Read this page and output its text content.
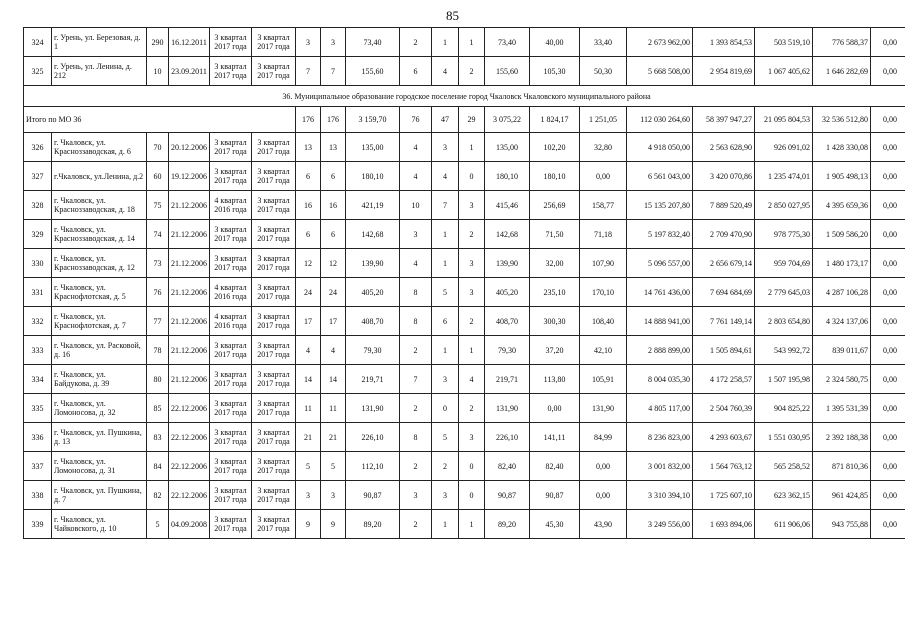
85
324	г. Урень, ул. Березовая, д. 1	290	16.12.2011	3 квартал 2017 года	3 квартал 2017 года	3	3	73,40	2	1	1	73,40	40,00	33,40	2 673 962,00	1 393 854,53	503 519,10	776 588,37	0,00
325	г. Урень, ул. Ленина, д. 212	10	23.09.2011	3 квартал 2017 года	3 квартал 2017 года	7	7	155,60	6	4	2	155,60	105,30	50,30	5 668 508,00	2 954 819,69	1 067 405,62	1 646 282,69	0,00
36. Муниципальное образование городское поселение город Чкаловск Чкаловского муниципального района																			
Итого по МО 36						176	176	3 159,70	76	47	29	3 075,22	1 824,17	1 251,05	112 030 264,60	58 397 947,27	21 095 804,53	32 536 512,80	0,00
326	г. Чкаловск, ул. Красноззаводская, д. 6	70	20.12.2006	3 квартал 2017 года	3 квартал 2017 года	13	13	135,00	4	3	1	135,00	102,20	32,80	4 918 050,00	2 563 628,90	926 091,02	1 428 330,08	0,00
327	г.Чкаловск, ул.Ленина, д.2	60	19.12.2006	3 квартал 2017 года	3 квартал 2017 года	6	6	180,10	4	4	0	180,10	180,10	0,00	6 561 043,00	3 420 070,86	1 235 474,01	1 905 498,13	0,00
328	г. Чкаловск, ул. Красноззаводская, д. 18	75	21.12.2006	4 квартал 2016 года	3 квартал 2017 года	16	16	421,19	10	7	3	415,46	256,69	158,77	15 135 207,80	7 889 520,49	2 850 027,95	4 395 659,36	0,00
329	г. Чкаловск, ул. Красноззаводская, д. 14	74	21.12.2006	3 квартал 2017 года	3 квартал 2017 года	6	6	142,68	3	1	2	142,68	71,50	71,18	5 197 832,40	2 709 470,90	978 775,30	1 509 586,20	0,00
330	г. Чкаловск, ул. Красноззаводская, д. 12	73	21.12.2006	3 квартал 2017 года	3 квартал 2017 года	12	12	139,90	4	1	3	139,90	32,00	107,90	5 096 557,00	2 656 679,14	959 704,69	1 480 173,17	0,00
331	г. Чкаловск, ул. Краснофлотская, д. 5	76	21.12.2006	4 квартал 2016 года	3 квартал 2017 года	24	24	405,20	8	5	3	405,20	235,10	170,10	14 761 436,00	7 694 684,69	2 779 645,03	4 287 106,28	0,00
332	г. Чкаловск, ул. Краснофлотская, д. 7	77	21.12.2006	4 квартал 2016 года	3 квартал 2017 года	17	17	408,70	8	6	2	408,70	300,30	108,40	14 888 941,00	7 761 149,14	2 803 654,80	4 324 137,06	0,00
333	г. Чкаловск, ул. Расковой, д. 16	78	21.12.2006	3 квартал 2017 года	3 квартал 2017 года	4	4	79,30	2	1	1	79,30	37,20	42,10	2 888 899,00	1 505 894,61	543 992,72	839 011,67	0,00
334	г. Чкаловск, ул. Байдукова, д. 39	80	21.12.2006	3 квартал 2017 года	3 квартал 2017 года	14	14	219,71	7	3	4	219,71	113,80	105,91	8 004 035,30	4 172 258,57	1 507 195,98	2 324 580,75	0,00
335	г. Чкаловск, ул. Ломоносова, д. 32	85	22.12.2006	3 квартал 2017 года	3 квартал 2017 года	11	11	131,90	2	0	2	131,90	0,00	131,90	4 805 117,00	2 504 760,39	904 825,22	1 395 531,39	0,00
336	г. Чкаловск, ул. Пушкина, д. 13	83	22.12.2006	3 квартал 2017 года	3 квартал 2017 года	21	21	226,10	8	5	3	226,10	141,11	84,99	8 236 823,00	4 293 603,67	1 551 030,95	2 392 188,38	0,00
337	г. Чкаловск, ул. Ломоносова, д. 31	84	22.12.2006	3 квартал 2017 года	3 квартал 2017 года	5	5	112,10	2	2	0	82,40	82,40	0,00	3 001 832,00	1 564 763,12	565 258,52	871 810,36	0,00
338	г. Чкаловск, ул. Пушкина, д. 7	82	22.12.2006	3 квартал 2017 года	3 квартал 2017 года	3	3	90,87	3	3	0	90,87	90,87	0,00	3 310 394,10	1 725 607,10	623 362,15	961 424,85	0,00
339	г. Чкаловск, ул. Чайковского, д. 10	5	04.09.2008	3 квартал 2017 года	3 квартал 2017 года	9	9	89,20	2	1	1	89,20	45,30	43,90	3 249 556,00	1 693 894,06	611 906,06	943 755,88	0,00
